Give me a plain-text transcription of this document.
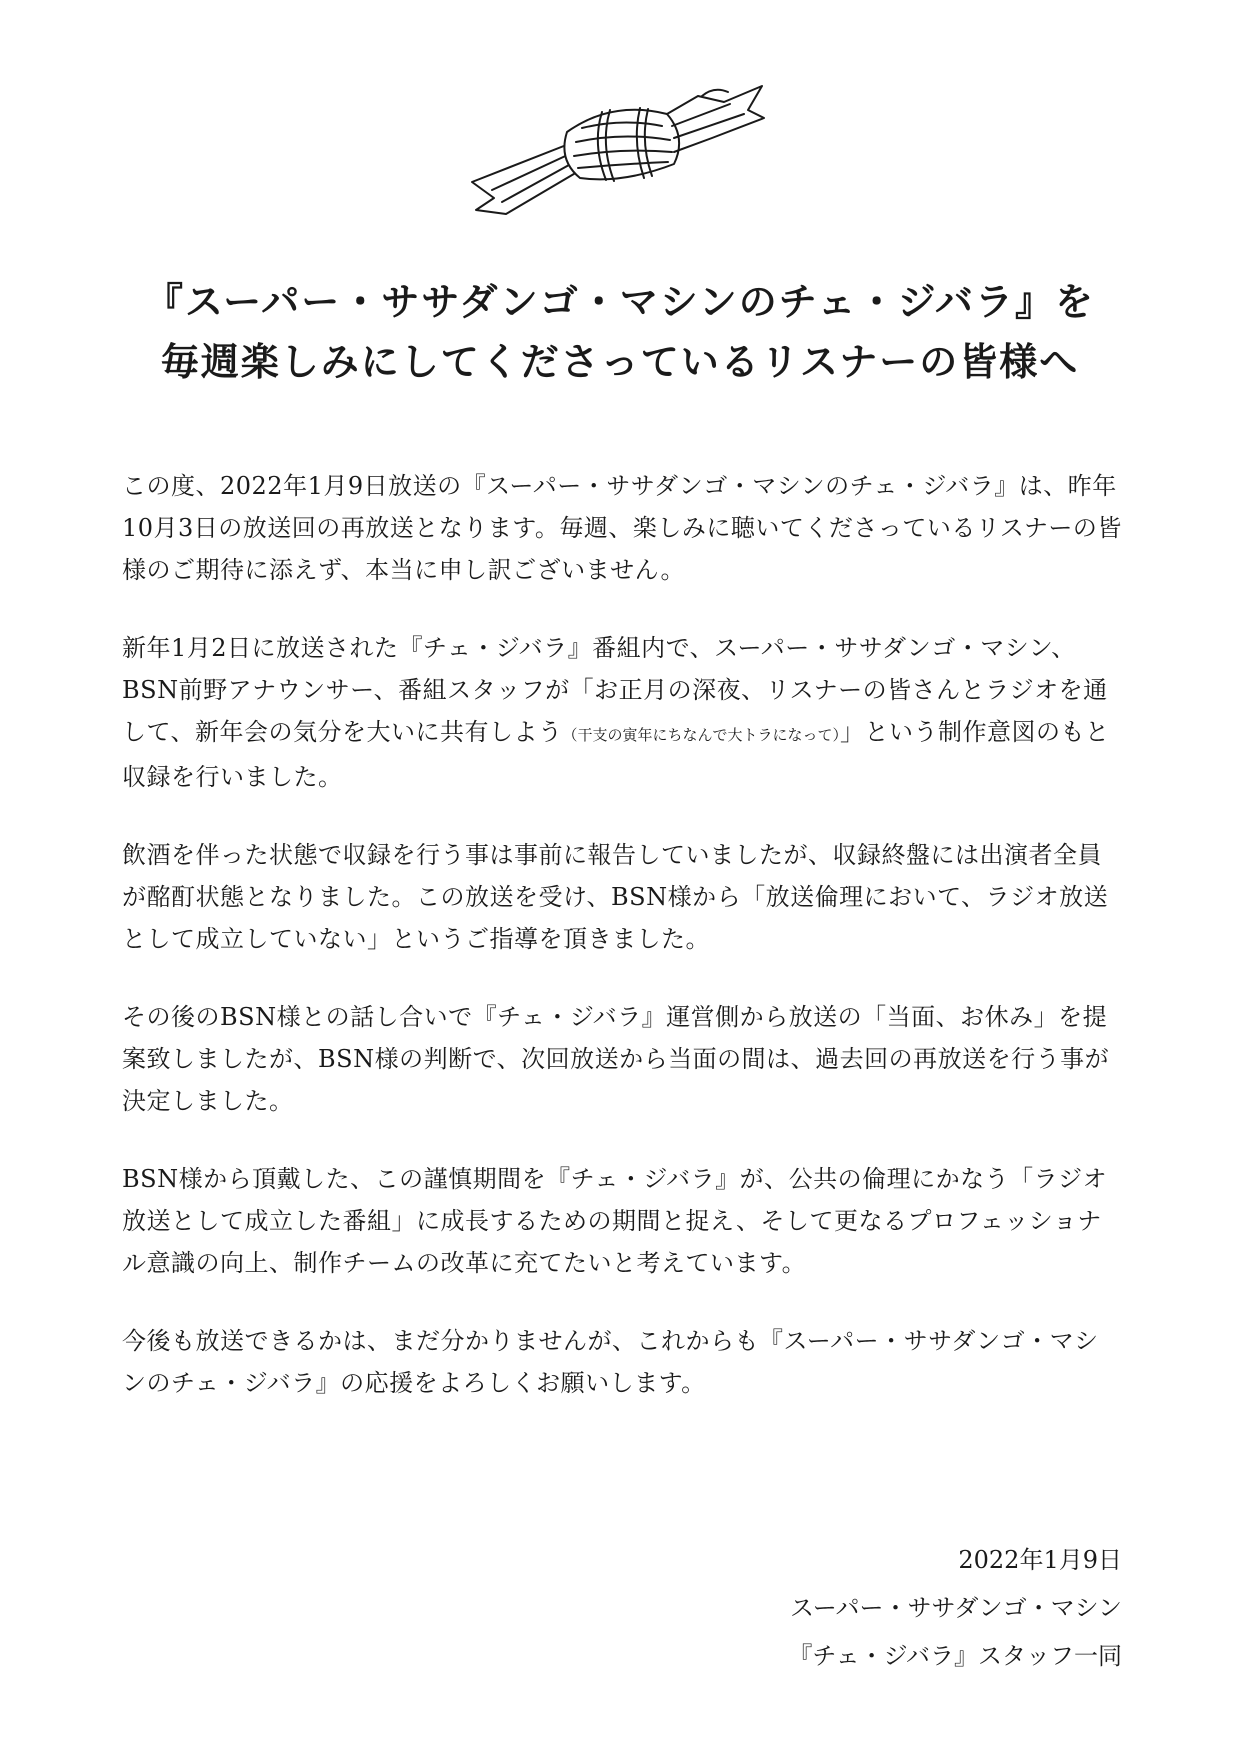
『スーパー・ササダンゴ・マシンのチェ・ジバラ』を
毎週楽しみにしてくださっているリスナーの皆様へ

この度、2022年1月9日放送の『スーパー・ササダンゴ・マシンのチェ・ジバラ』は、昨年10月3日の放送回の再放送となります。毎週、楽しみに聴いてくださっているリスナーの皆様のご期待に添えず、本当に申し訳ございません。

新年1月2日に放送された『チェ・ジバラ』番組内で、スーパー・ササダンゴ・マシン、BSN前野アナウンサー、番組スタッフが「お正月の深夜、リスナーの皆さんとラジオを通して、新年会の気分を大いに共有しよう（干支の寅年にちなんで大トラになって）」という制作意図のもと収録を行いました。

飲酒を伴った状態で収録を行う事は事前に報告していましたが、収録終盤には出演者全員が酩酊状態となりました。この放送を受け、BSN様から「放送倫理において、ラジオ放送として成立していない」というご指導を頂きました。

その後のBSN様との話し合いで『チェ・ジバラ』運営側から放送の「当面、お休み」を提案致しましたが、BSN様の判断で、次回放送から当面の間は、過去回の再放送を行う事が決定しました。

BSN様から頂戴した、この謹慎期間を『チェ・ジバラ』が、公共の倫理にかなう「ラジオ放送として成立した番組」に成長するための期間と捉え、そして更なるプロフェッショナル意識の向上、制作チームの改革に充てたいと考えています。

今後も放送できるかは、まだ分かりませんが、これからも『スーパー・ササダンゴ・マシンのチェ・ジバラ』の応援をよろしくお願いします。

2022年1月9日
スーパー・ササダンゴ・マシン
『チェ・ジバラ』スタッフ一同
